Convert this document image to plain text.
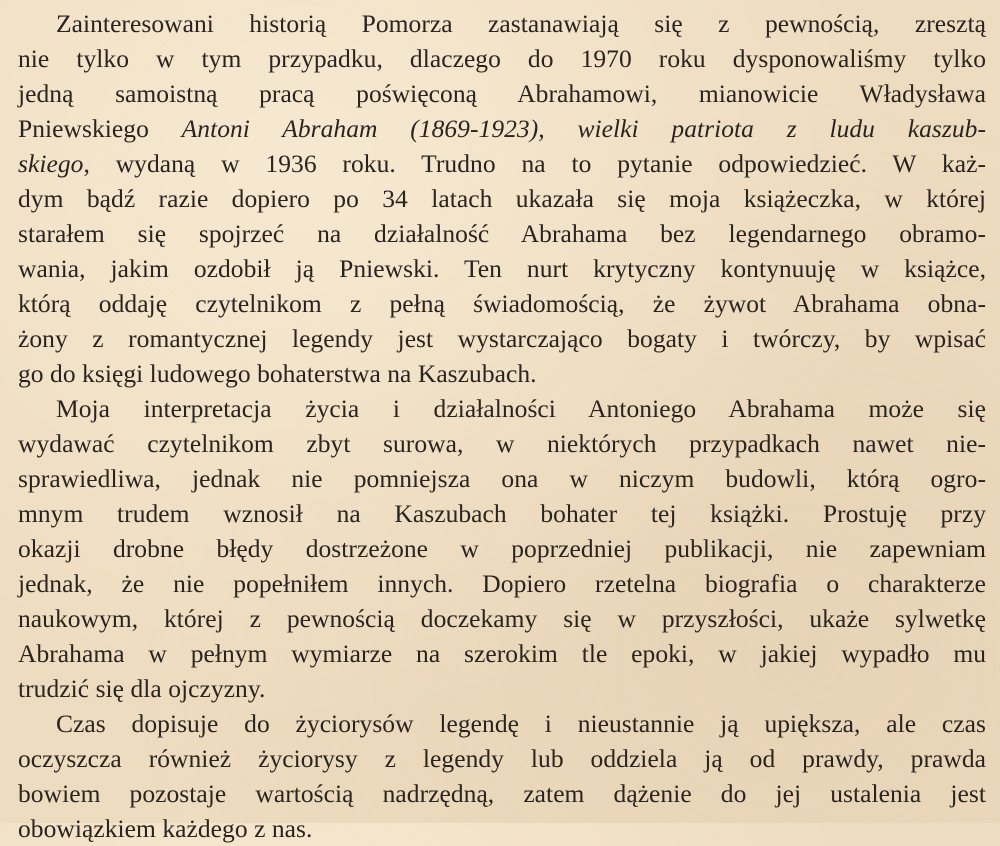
Zainteresowani historią Pomorza zastanawiają się z pewnością, zresztą
nie tylko w tym przypadku, dlaczego do 1970 roku dysponowaliśmy tylko
jedną samoistną pracą poświęconą Abrahamowi, mianowicie Władysława
Pniewskiego Antoni Abraham (1869-1923), wielki patriota z ludu kaszub-
skiego, wydaną w 1936 roku. Trudno na to pytanie odpowiedzieć. W każ-
dym bądź razie dopiero po 34 latach ukazała się moja książeczka, w której
starałem się spojrzeć na działalność Abrahama bez legendarnego obramo-
wania, jakim ozdobił ją Pniewski. Ten nurt krytyczny kontynuuję w książce,
którą oddaję czytelnikom z pełną świadomością, że żywot Abrahama obna-
żony z romantycznej legendy jest wystarczająco bogaty i twórczy, by wpisać
go do księgi ludowego bohaterstwa na Kaszubach.
Moja interpretacja życia i działalności Antoniego Abrahama może się
wydawać czytelnikom zbyt surowa, w niektórych przypadkach nawet nie-
sprawiedliwa, jednak nie pomniejsza ona w niczym budowli, którą ogro-
mnym trudem wznosił na Kaszubach bohater tej książki. Prostuję przy
okazji drobne błędy dostrzeżone w poprzedniej publikacji, nie zapewniam
jednak, że nie popełniłem innych. Dopiero rzetelna biografia o charakterze
naukowym, której z pewnością doczekamy się w przyszłości, ukaże sylwetkę
Abrahama w pełnym wymiarze na szerokim tle epoki, w jakiej wypadło mu
trudzić się dla ojczyzny.
Czas dopisuje do życiorysów legendę i nieustannie ją upiększa, ale czas
oczyszcza również życiorysy z legendy lub oddziela ją od prawdy, prawda
bowiem pozostaje wartością nadrzędną, zatem dążenie do jej ustalenia jest
obowiązkiem każdego z nas.
